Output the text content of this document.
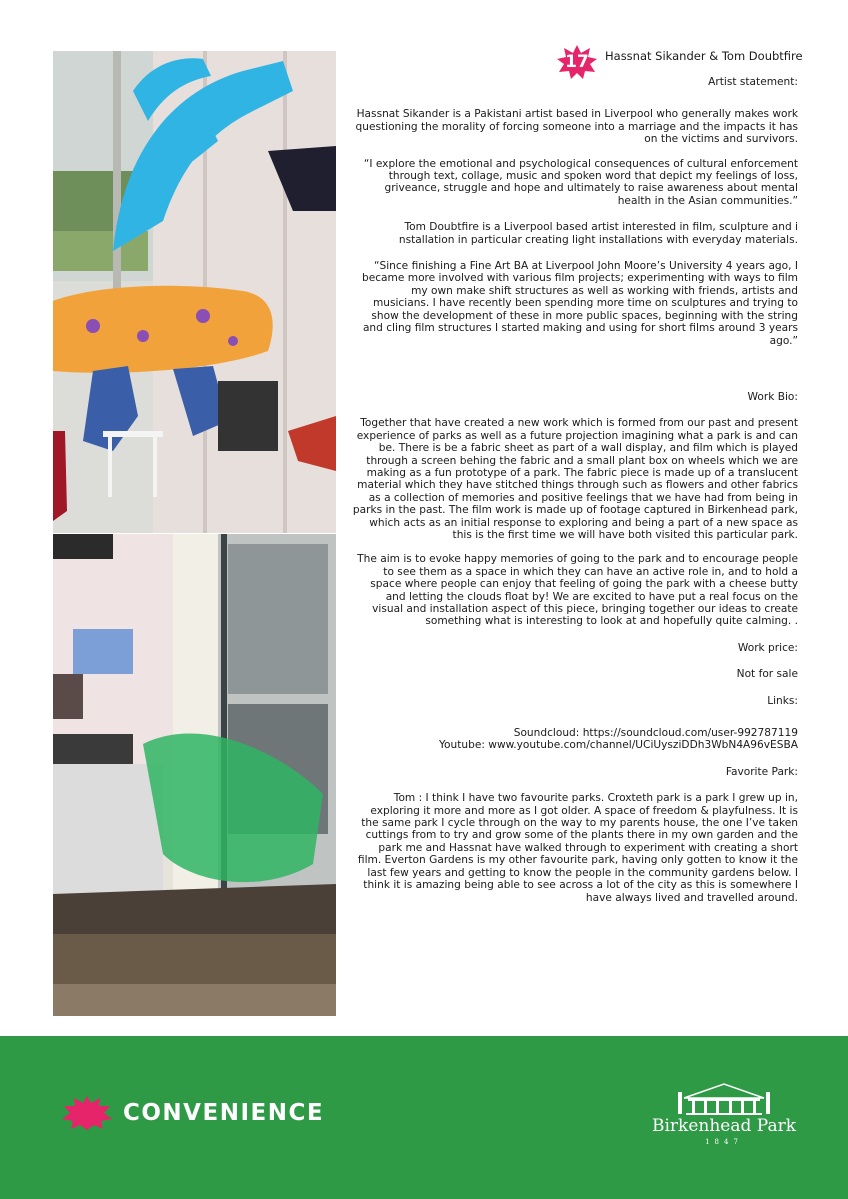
17	Hassnat Sikander & Tom Doubtfire

Artist statement:

Hassnat Sikander is a Pakistani artist based in Liverpool who generally makes work questioning the morality of forcing someone into a marriage and the impacts it has on the victims and survivors.

“I explore the emotional and psychological consequences of cultural enforcement through text, collage, music and spoken word that depict my feelings of loss, griveance, struggle and hope and ultimately to raise awareness about mental health in the Asian communities.”

Tom Doubtfire is a Liverpool based artist interested in film, sculpture and i nstallation in particular creating light installations with everyday materials.

“Since finishing a Fine Art BA at Liverpool John Moore’s University 4 years ago, I became more involved with various film projects; experimenting with ways to film my own make shift structures as well as working with friends, artists and musicians. I have recently been spending more time on sculptures and trying to show the development of these in more public spaces, beginning with the string and cling film structures I started making and using for short films around 3 years ago.”

Work Bio:

Together that have created a new work which is formed from our past and present experience of parks as well as a future projection imagining what a park is and can be. There is be a fabric sheet as part of a wall display, and film which is played through a screen behing the fabric and a small plant box on wheels which we are making as a fun prototype of a park. The fabric piece is made up of a translucent material which they have stitched things through such as flowers and other fabrics as a collection of memories and positive feelings that we have had from being in parks in the past. The film work is made up of footage captured in Birkenhead park, which acts as an initial response to exploring and being a part of a new space as this is the first time we will have both visited this particular park.

The aim is to evoke happy memories of going to the park and to encourage people to see them as a space in which they can have an active role in, and to hold a space where people can enjoy that feeling of going the park with a cheese butty and letting the clouds float by! We are excited to have put a real focus on the visual and installation aspect of this piece, bringing together our ideas to create something what is interesting to look at and hopefully quite calming. .

Work price:

Not for sale

Links:

Soundcloud: https://soundcloud.com/user-992787119

Youtube: www.youtube.com/channel/UCiUysziDDh3WbN4A96vESBA

Favorite Park:

Tom : I think I have two favourite parks. Croxteth park is a park I grew up in, exploring it more and more as I got older. A space of freedom & playfulness. It is the same park I cycle through on the way to my parents house, the one I’ve taken cuttings from to try and grow some of the plants there in my own garden and the park me and Hassnat have walked through to experiment with creating a short film. Everton Gardens is my other favourite park, having only gotten to know it the last few years and getting to know the people in the community gardens below. I think it is amazing being able to see across a lot of the city as this is somewhere I have always lived and travelled around.

CONVENIENCE	Birkenhead Park
1847
